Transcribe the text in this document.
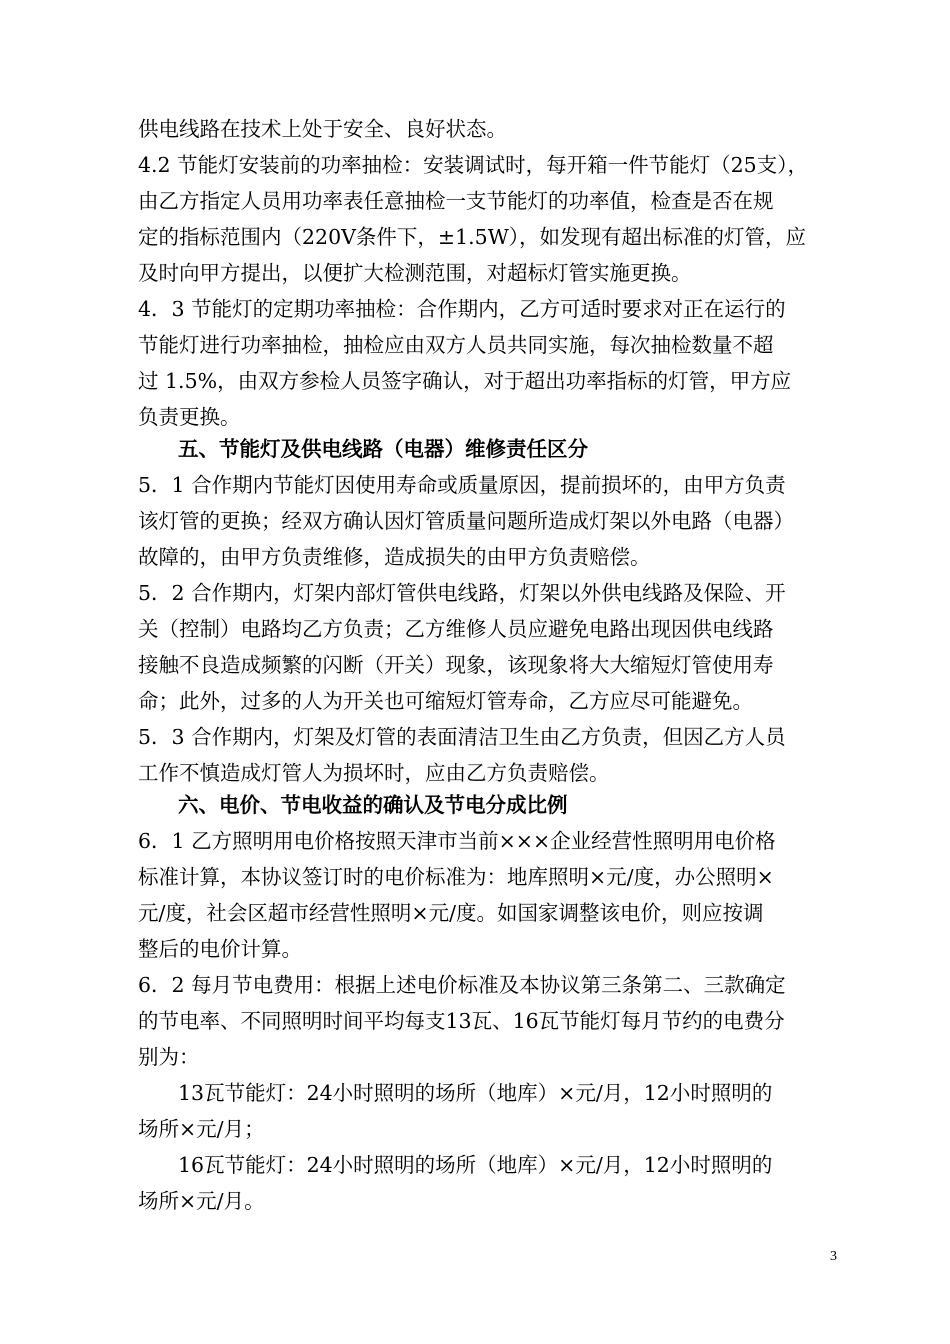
供电线路在技术上处于安全、良好状态。
4.2 节能灯安装前的功率抽检：安装调试时，每开箱一件节能灯（25支），
由乙方指定人员用功率表任意抽检一支节能灯的功率值，检查是否在规
定的指标范围内（220V条件下，±1.5W），如发现有超出标准的灯管，应
及时向甲方提出，以便扩大检测范围，对超标灯管实施更换。
4．3 节能灯的定期功率抽检：合作期内，乙方可适时要求对正在运行的
节能灯进行功率抽检，抽检应由双方人员共同实施，每次抽检数量不超
过 1.5%，由双方参检人员签字确认，对于超出功率指标的灯管，甲方应
负责更换。
五、节能灯及供电线路（电器）维修责任区分
5．1 合作期内节能灯因使用寿命或质量原因，提前损坏的，由甲方负责
该灯管的更换；经双方确认因灯管质量问题所造成灯架以外电路（电器）
故障的，由甲方负责维修，造成损失的由甲方负责赔偿。
5．2 合作期内，灯架内部灯管供电线路，灯架以外供电线路及保险、开
关（控制）电路均乙方负责；乙方维修人员应避免电路出现因供电线路
接触不良造成频繁的闪断（开关）现象，该现象将大大缩短灯管使用寿
命；此外，过多的人为开关也可缩短灯管寿命，乙方应尽可能避免。
5．3 合作期内，灯架及灯管的表面清洁卫生由乙方负责，但因乙方人员
工作不慎造成灯管人为损坏时，应由乙方负责赔偿。
六、电价、节电收益的确认及节电分成比例
6．1 乙方照明用电价格按照天津市当前×××企业经营性照明用电价格
标准计算，本协议签订时的电价标准为：地库照明×元/度，办公照明×
元/度，社会区超市经营性照明×元/度。如国家调整该电价，则应按调
整后的电价计算。
6．2 每月节电费用：根据上述电价标准及本协议第三条第二、三款确定
的节电率、不同照明时间平均每支13瓦、16瓦节能灯每月节约的电费分
别为：
13瓦节能灯：24小时照明的场所（地库）×元/月，12小时照明的
场所×元/月；
16瓦节能灯：24小时照明的场所（地库）×元/月，12小时照明的
场所×元/月。
3
